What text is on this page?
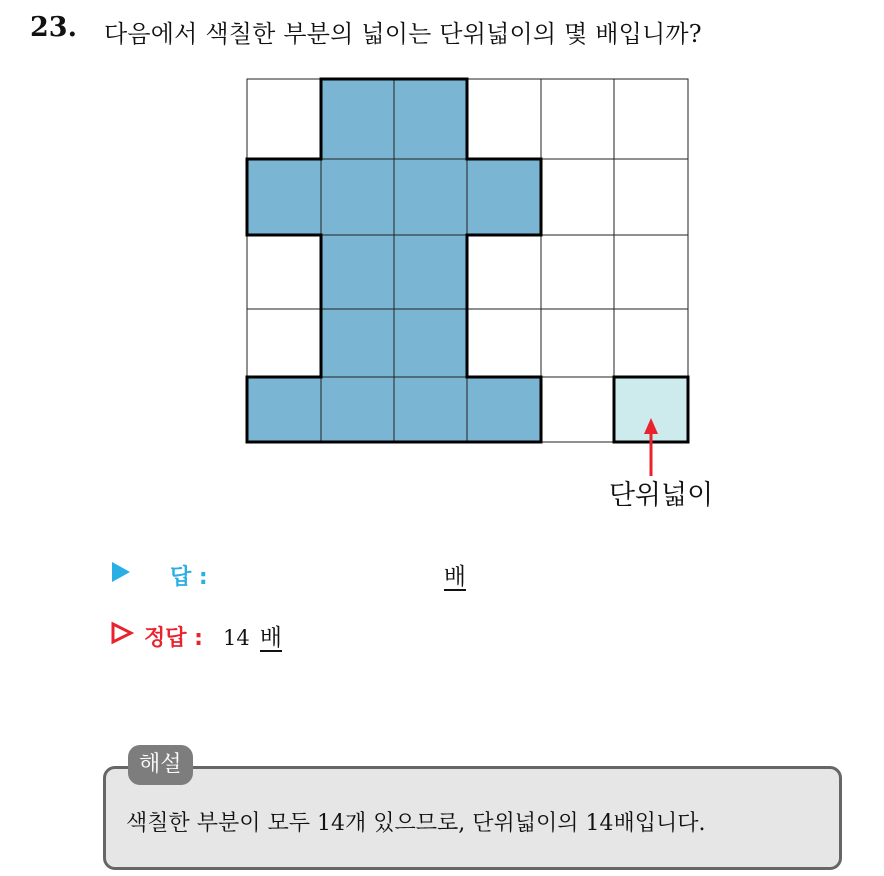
23. 다음에서 색칠한 부분의 넓이는 단위넓이의 몇 배입니까?
단위넓이
답 :	배
정답 : 14 배
해설
색칠한 부분이 모두 14개 있으므로, 단위넓이의 14배입니다.
